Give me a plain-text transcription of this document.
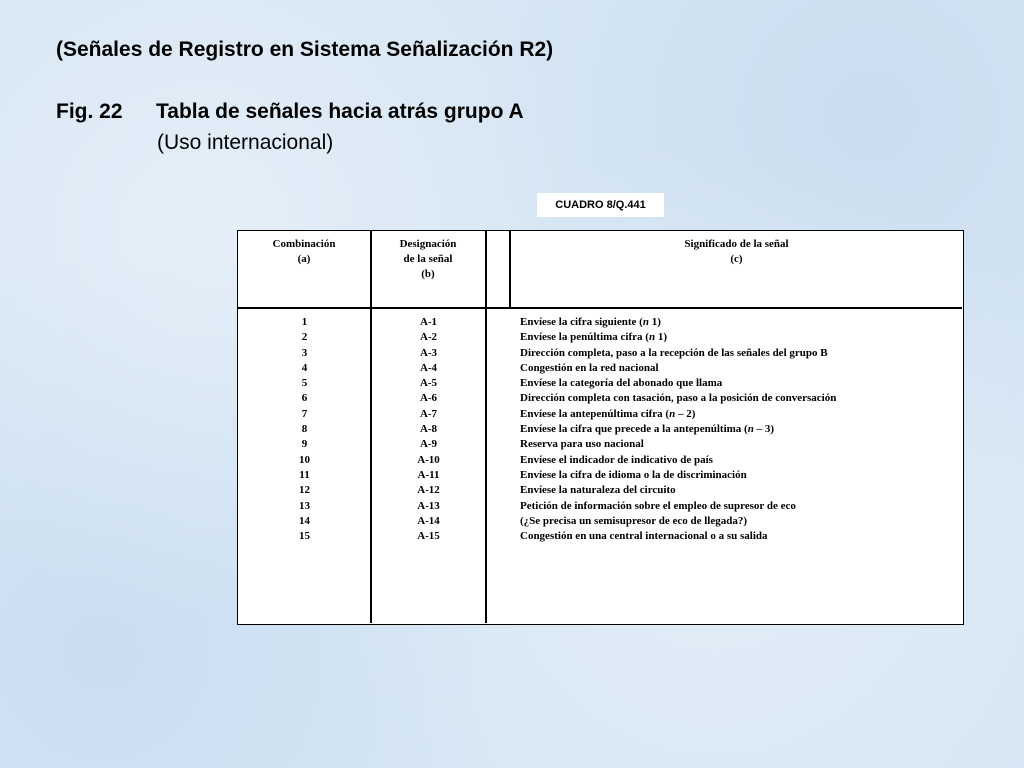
(Señales de Registro en Sistema Señalización R2)
Fig. 22 Tabla de señales hacia atrás grupo A
(Uso internacional)
CUADRO 8/Q.441
Combinación
(a)
Designación
de la señal
(b)
Significado de la señal
(c)
1
2
3
4
5
6
7
8
9
10
11
12
13
14
15
A-1
A-2
A-3
A-4
A-5
A-6
A-7
A-8
A-9
A-10
A-11
A-12
A-13
A-14
A-15
Envíese la cifra siguiente (n 1)
Envíese la penúltima cifra (n 1)
Dirección completa, paso a la recepción de las señales del grupo B
Congestión en la red nacional
Envíese la categoría del abonado que llama
Dirección completa con tasación, paso a la posición de conversación
Envíese la antepenúltima cifra (n – 2)
Envíese la cifra que precede a la antepenúltima (n – 3)
Reserva para uso nacional
Envíese el indicador de indicativo de país
Envíese la cifra de idioma o la de discriminación
Envíese la naturaleza del circuito
Petición de información sobre el empleo de supresor de eco
(¿Se precisa un semisupresor de eco de llegada?)
Congestión en una central internacional o a su salida
